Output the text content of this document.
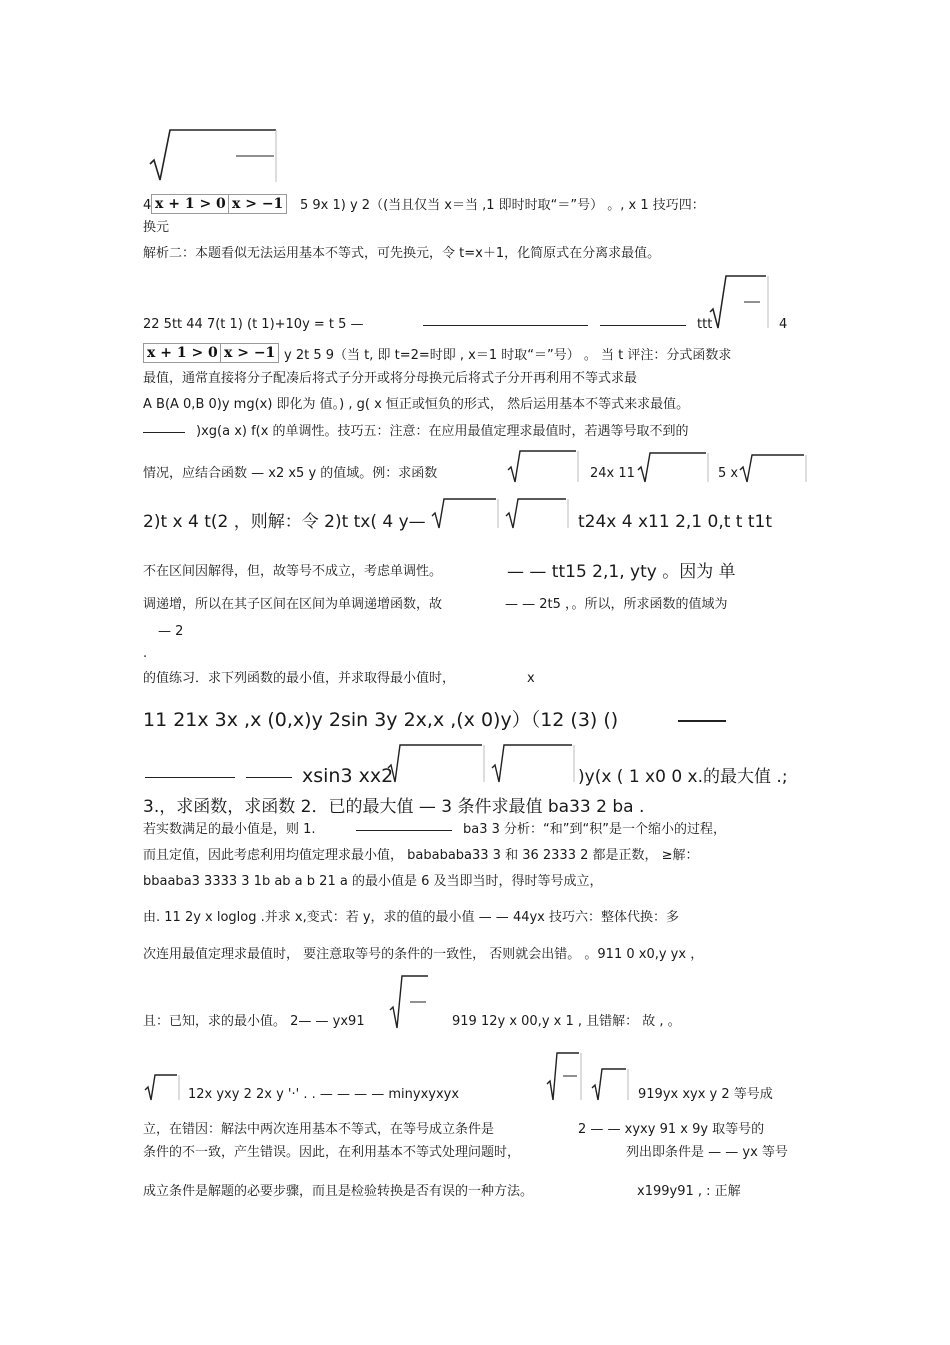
4 x + 1 > 0 x > −1	5 9x 1) y 2（(当且仅当 x＝当 ,1 即时时取“＝”号） 。, x 1 技巧四：
换元
解析二：本题看似无法运用基本不等式，可先换元，令 t=x＋1，化简原式在分离求最值。
22 5tt 44 7(t 1) (t 1)+10y = t 5 —	ttt	4
x + 1 > 0 x > −1 y 2t 5 9（当 t, 即 t=2=时即 , x＝1 时取“＝”号） 。 当 t 评注：分式函数求
最值，通常直接将分子配凑后将式子分开或将分母换元后将式子分开再利用不等式求最
A B(A 0,B 0)y mg(x) 即化为 值。) , g( x 恒正或恒负的形式， 然后运用基本不等式来求最值。
)xg(a x) f(x 的单调性。技巧五：注意：在应用最值定理求最值时，若遇等号取不到的
情况，应结合函数 — x2 x5 y 的值域。例：求函数	24x 11	5 x
2)t x 4 t(2 ，则解：令 2)t tx( 4 y—	t24x 4 x11 2,1 0,t t t1t
不在区间因解得，但，故等号不成立，考虑单调性。	— — tt15 2,1, yty 。因为 单
调递增，所以在其子区间在区间为单调递增函数，故	— — 2t5 ，。所以，所求函数的值域为
— 2
.
的值练习．求下列函数的最小值，并求取得最小值时，	x
11 21x 3x ,x (0,x)y 2sin 3y 2x,x ,(x 0)y）（12 (3) ()
xsin3 xx2	)y(x ( 1 x0 0 x.的最大值 .;
3.，求函数，求函数 2．已的最大值 — 3 条件求最值 ba33 2 ba .
若实数满足的最小值是，则 1.	ba3 3 分析：“和”到“积”是一个缩小的过程，
而且定值，因此考虑利用均值定理求最小值， babababa33 3 和 36 2333 2 都是正数， ≥解：
bbaaba3 3333 3 1b ab a b 21 a 的最小值是 6 及当即当时，得时等号成立，
由. 11 2y x loglog .并求 x,变式：若 y，求的值的最小值 — — 44yx 技巧六：整体代换：多
次连用最值定理求最值时， 要注意取等号的条件的一致性， 否则就会出错。 。911 0 x0,y yx ，
且：已知，求的最小值。 2— — yx91	919 12y x 00,y x 1 , 且错解： 故 , 。
12x yxy 2 2x y '·' . . — — — — minyxyxyx	919yx xyx y 2 等号成
立，在错因：解法中两次连用基本不等式，在等号成立条件是	2 — — xyxy 91 x 9y 取等号的
条件的不一致，产生错误。因此，在利用基本不等式处理问题时，	列出即条件是 — — yx 等号
成立条件是解题的必要步骤，而且是检验转换是否有误的一种方法。	x199y91 , : 正解
